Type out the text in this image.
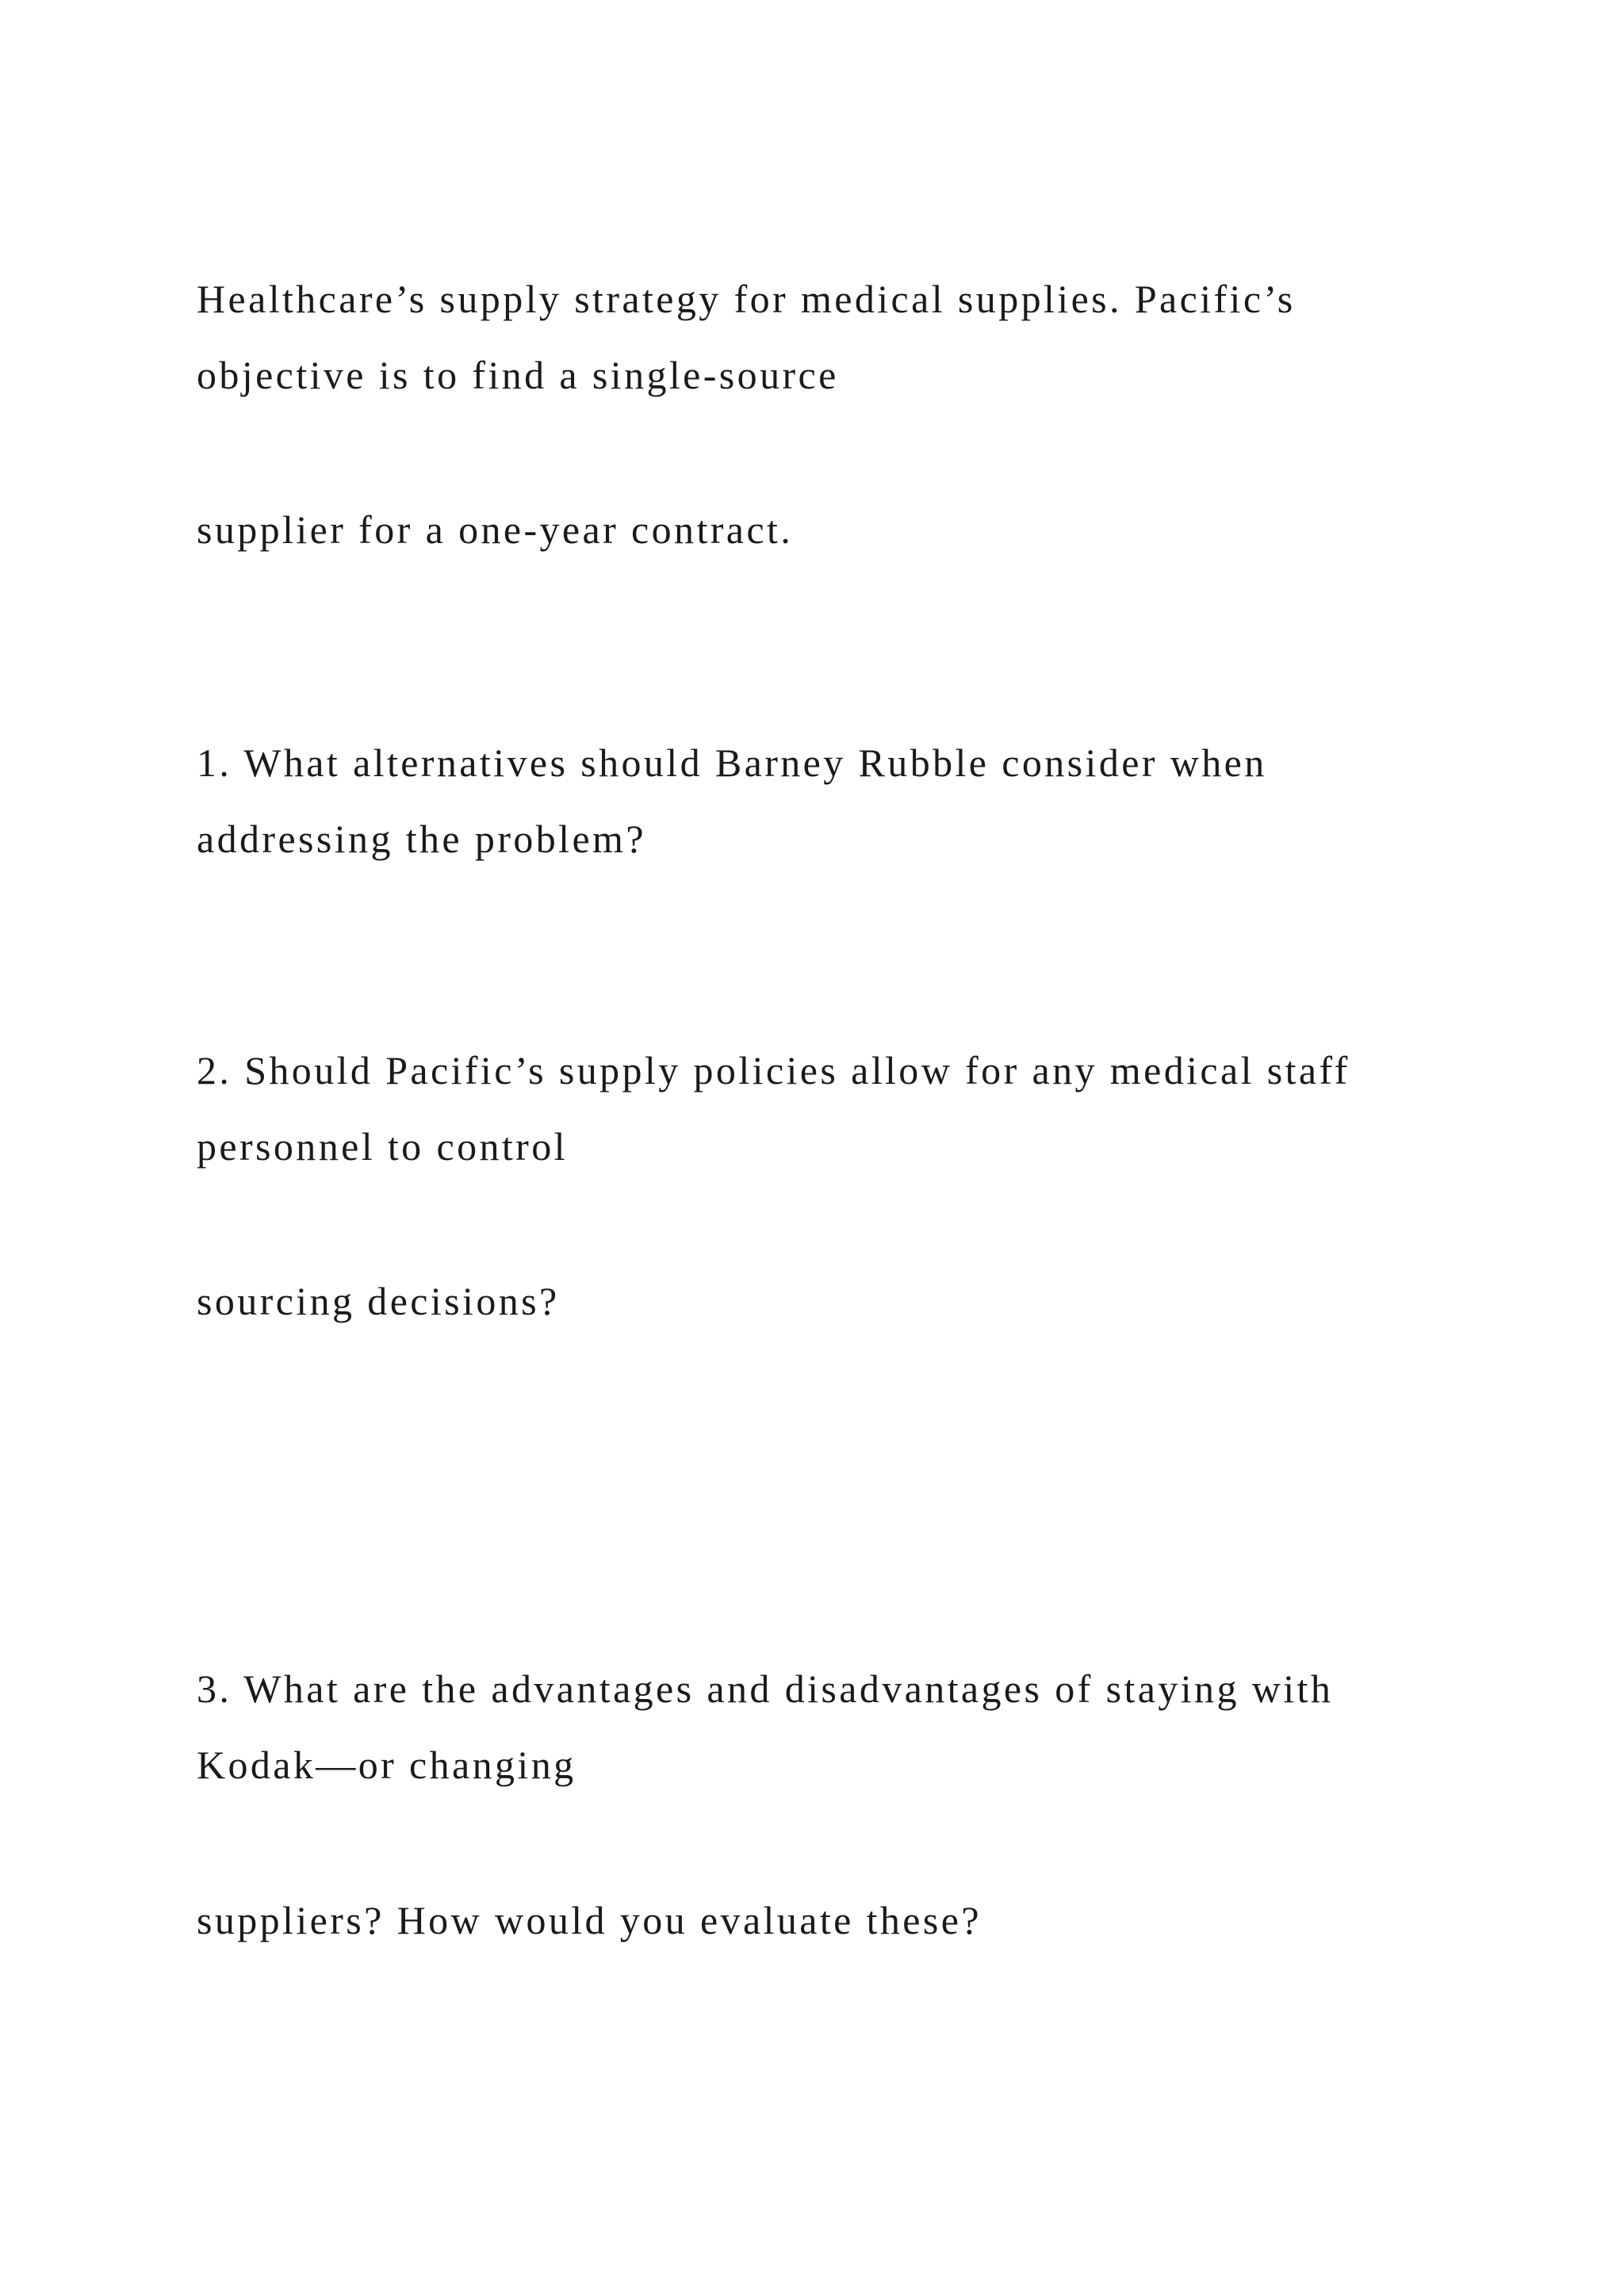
Healthcare’s supply strategy for medical supplies. Pacific’s
objective is to find a single-source
supplier for a one-year contract.
1. What alternatives should Barney Rubble consider when
addressing the problem?
2. Should Pacific’s supply policies allow for any medical staff
personnel to control
sourcing decisions?
3. What are the advantages and disadvantages of staying with
Kodak—or changing
suppliers? How would you evaluate these?
